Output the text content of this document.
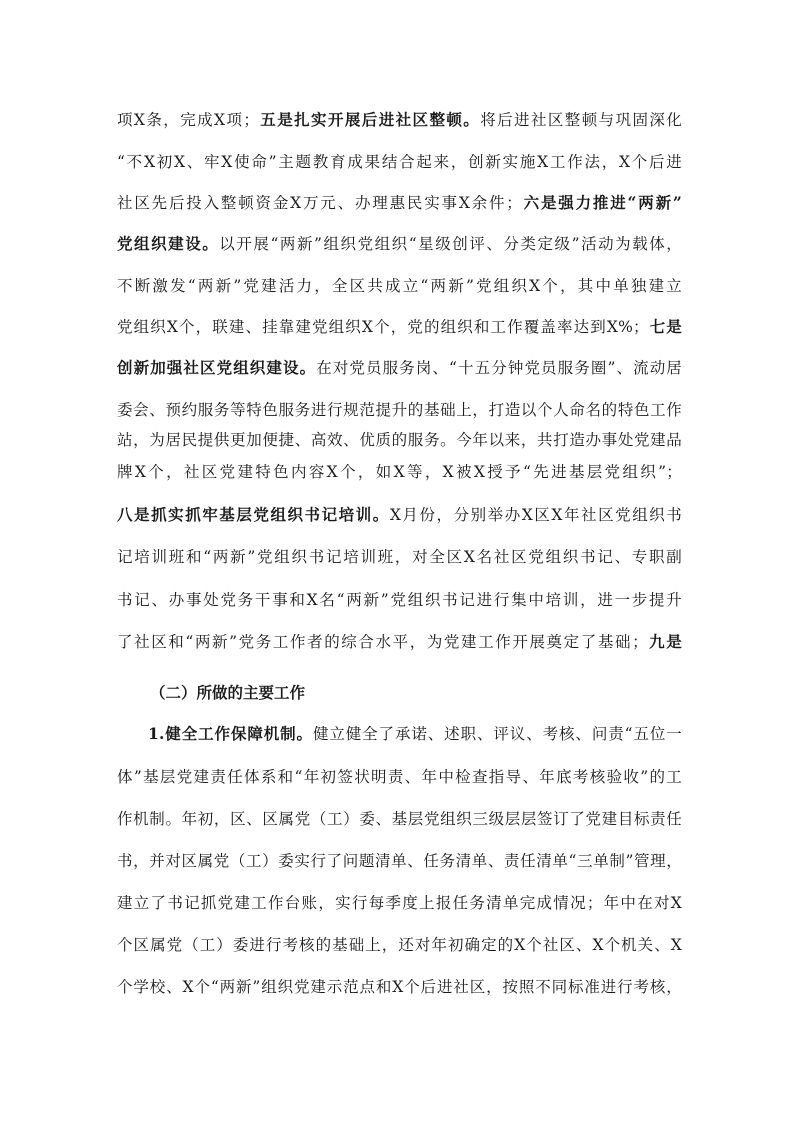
项X条，完成X项；五是扎实开展后进社区整顿。将后进社区整顿与巩固深化
“不X初X、牢X使命”主题教育成果结合起来，创新实施X工作法，X个后进
社区先后投入整顿资金X万元、办理惠民实事X余件；六是强力推进“两新”
党组织建设。以开展“两新”组织党组织“星级创评、分类定级”活动为载体，
不断激发“两新”党建活力，全区共成立“两新”党组织X个，其中单独建立
党组织X个，联建、挂靠建党组织X个，党的组织和工作覆盖率达到X%；七是
创新加强社区党组织建设。在对党员服务岗、“十五分钟党员服务圈”、流动居
委会、预约服务等特色服务进行规范提升的基础上，打造以个人命名的特色工作
站，为居民提供更加便捷、高效、优质的服务。今年以来，共打造办事处党建品
牌X个，社区党建特色内容X个，如X等，X被X授予“先进基层党组织”；
八是抓实抓牢基层党组织书记培训。X月份，分别举办X区X年社区党组织书
记培训班和“两新”党组织书记培训班，对全区X名社区党组织书记、专职副
书记、办事处党务干事和X名“两新”党组织书记进行集中培训，进一步提升
了社区和“两新”党务工作者的综合水平，为党建工作开展奠定了基础；九是
（二）所做的主要工作
1.健全工作保障机制。健立健全了承诺、述职、评议、考核、问责“五位一
体”基层党建责任体系和“年初签状明责、年中检查指导、年底考核验收”的工
作机制。年初，区、区属党（工）委、基层党组织三级层层签订了党建目标责任
书，并对区属党（工）委实行了问题清单、任务清单、责任清单“三单制”管理，
建立了书记抓党建工作台账，实行每季度上报任务清单完成情况；年中在对X
个区属党（工）委进行考核的基础上，还对年初确定的X个社区、X个机关、X
个学校、X个“两新”组织党建示范点和X个后进社区，按照不同标准进行考核，
